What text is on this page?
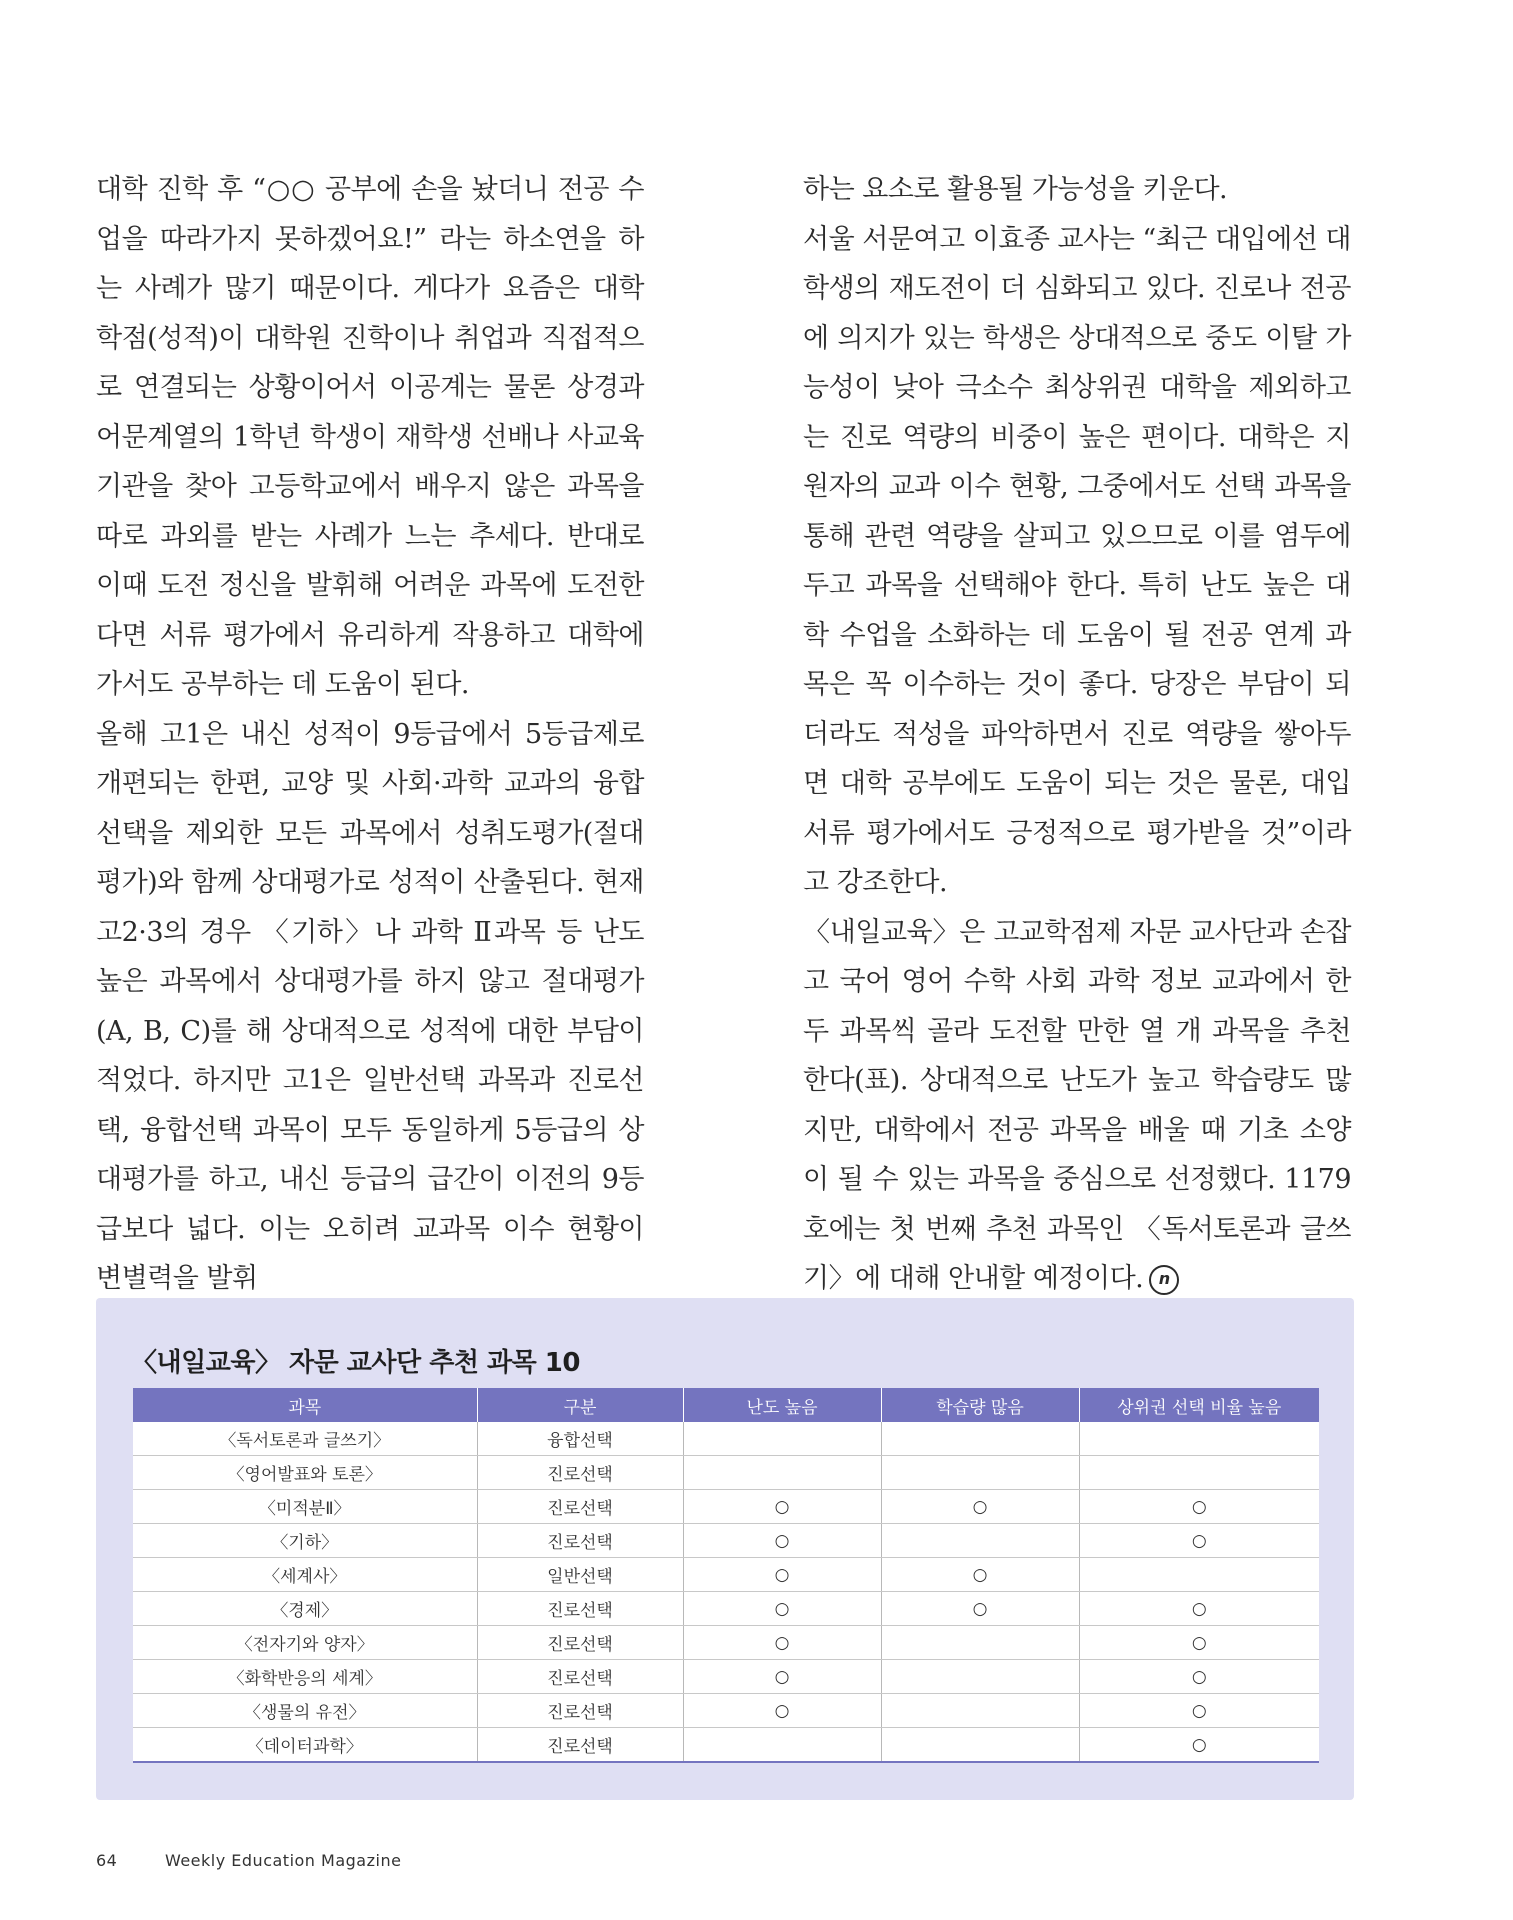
대학 진학 후 “○○ 공부에 손을 놨더니 전공 수업을 따라가지 못하겠어요!” 라는 하소연을 하는 사례가 많기 때문이다. 게다가 요즘은 대학 학점(성적)이 대학원 진학이나 취업과 직접적으로 연결되는 상황이어서 이공계는 물론 상경과 어문계열의 1학년 학생이 재학생 선배나 사교육 기관을 찾아 고등학교에서 배우지 않은 과목을 따로 과외를 받는 사례가 느는 추세다. 반대로 이때 도전 정신을 발휘해 어려운 과목에 도전한다면 서류 평가에서 유리하게 작용하고 대학에 가서도 공부하는 데 도움이 된다.

올해 고1은 내신 성적이 9등급에서 5등급제로 개편되는 한편, 교양 및 사회·과학 교과의 융합선택을 제외한 모든 과목에서 성취도평가(절대평가)와 함께 상대평가로 성적이 산출된다. 현재 고2·3의 경우 〈기하〉나 과학 Ⅱ과목 등 난도 높은 과목에서 상대평가를 하지 않고 절대평가(A, B, C)를 해 상대적으로 성적에 대한 부담이 적었다. 하지만 고1은 일반선택 과목과 진로선택, 융합선택 과목이 모두 동일하게 5등급의 상대평가를 하고, 내신 등급의 급간이 이전의 9등급보다 넓다. 이는 오히려 교과목 이수 현황이 변별력을 발휘

하는 요소로 활용될 가능성을 키운다.

서울 서문여고 이효종 교사는 “최근 대입에선 대학생의 재도전이 더 심화되고 있다. 진로나 전공에 의지가 있는 학생은 상대적으로 중도 이탈 가능성이 낮아 극소수 최상위권 대학을 제외하고는 진로 역량의 비중이 높은 편이다. 대학은 지원자의 교과 이수 현황, 그중에서도 선택 과목을 통해 관련 역량을 살피고 있으므로 이를 염두에 두고 과목을 선택해야 한다. 특히 난도 높은 대학 수업을 소화하는 데 도움이 될 전공 연계 과목은 꼭 이수하는 것이 좋다. 당장은 부담이 되더라도 적성을 파악하면서 진로 역량을 쌓아두면 대학 공부에도 도움이 되는 것은 물론, 대입 서류 평가에서도 긍정적으로 평가받을 것”이라고 강조한다.

〈내일교육〉은 고교학점제 자문 교사단과 손잡고 국어 영어 수학 사회 과학 정보 교과에서 한두 과목씩 골라 도전할 만한 열 개 과목을 추천한다(표). 상대적으로 난도가 높고 학습량도 많지만, 대학에서 전공 과목을 배울 때 기초 소양이 될 수 있는 과목을 중심으로 선정했다. 1179호에는 첫 번째 추천 과목인 〈독서토론과 글쓰기〉에 대해 안내할 예정이다. n

〈내일교육〉 자문 교사단 추천 과목 10
과목	구분	난도 높음	학습량 많음	상위권 선택 비율 높음
〈독서토론과 글쓰기〉	융합선택			
〈영어발표와 토론〉	진로선택			
〈미적분Ⅱ〉	진로선택	○	○	○
〈기하〉	진로선택	○		○
〈세계사〉	일반선택	○	○	
〈경제〉	진로선택	○	○	○
〈전자기와 양자〉	진로선택	○		○
〈화학반응의 세계〉	진로선택	○		○
〈생물의 유전〉	진로선택	○		○
〈데이터과학〉	진로선택			○
64	Weekly Education Magazine
